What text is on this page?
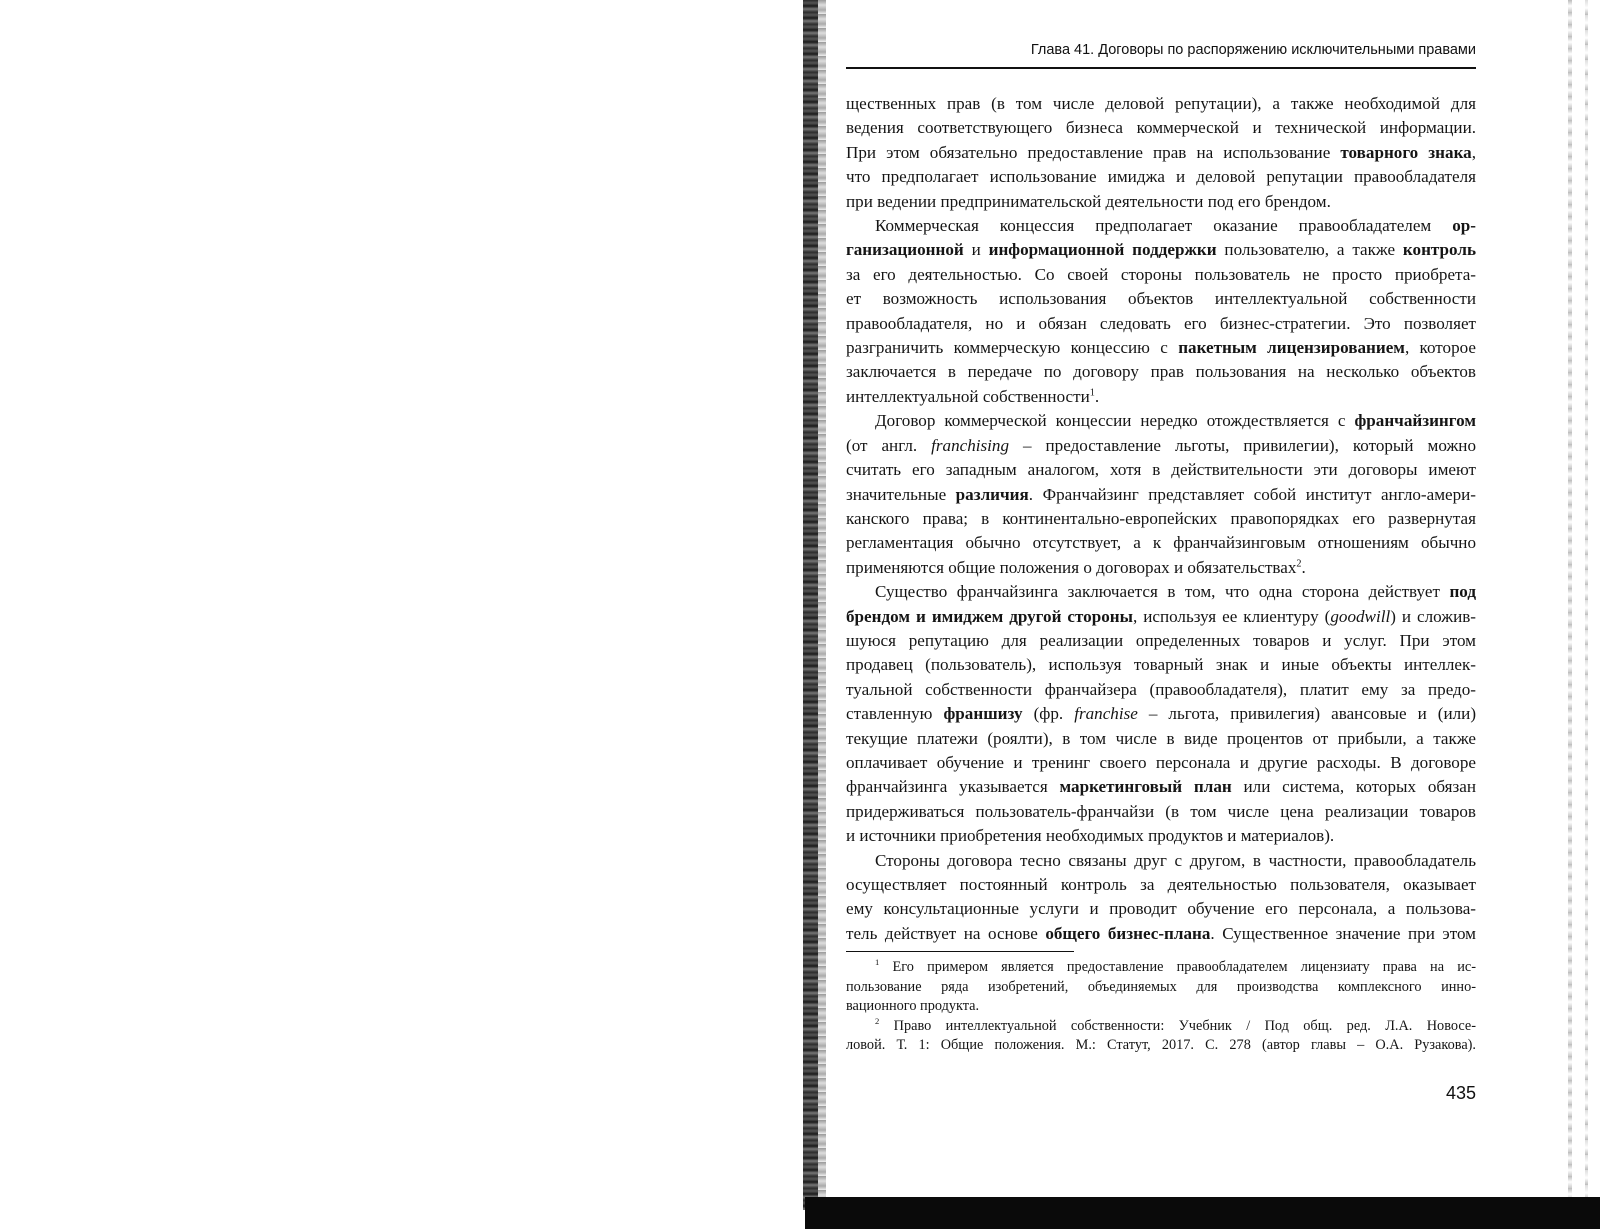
Глава 41. Договоры по распоряжению исключительными правами
щественных прав (в том числе деловой репутации), а также необходимой для
ведения соответствующего бизнеса коммерческой и технической информации.
При этом обязательно предоставление прав на использование товарного знака,
что предполагает использование имиджа и деловой репутации правообладателя
при ведении предпринимательской деятельности под его брендом.
Коммерческая концессия предполагает оказание правообладателем ор-
ганизационной и информационной поддержки пользователю, а также контроль
за его деятельностью. Со своей стороны пользователь не просто приобрета-
ет возможность использования объектов интеллектуальной собственности
правообладателя, но и обязан следовать его бизнес-стратегии. Это позволяет
разграничить коммерческую концессию с пакетным лицензированием, которое
заключается в передаче по договору прав пользования на несколько объектов
интеллектуальной собственности$^1$.
Договор коммерческой концессии нередко отождествляется с франчайзингом
(от англ. franchising – предоставление льготы, привилегии), который можно
считать его западным аналогом, хотя в действительности эти договоры имеют
значительные различия. Франчайзинг представляет собой институт англо-амери-
канского права; в континентально-европейских правопорядках его развернутая
регламентация обычно отсутствует, а к франчайзинговым отношениям обычно
применяются общие положения о договорах и обязательствах$^2$.
Существо франчайзинга заключается в том, что одна сторона действует под
брендом и имиджем другой стороны, используя ее клиентуру (goodwill) и сложив-
шуюся репутацию для реализации определенных товаров и услуг. При этом
продавец (пользователь), используя товарный знак и иные объекты интеллек-
туальной собственности франчайзера (правообладателя), платит ему за предо-
ставленную франшизу (фр. franchise – льгота, привилегия) авансовые и (или)
текущие платежи (роялти), в том числе в виде процентов от прибыли, а также
оплачивает обучение и тренинг своего персонала и другие расходы. В договоре
франчайзинга указывается маркетинговый план или система, которых обязан
придерживаться пользователь-франчайзи (в том числе цена реализации товаров
и источники приобретения необходимых продуктов и материалов).
Стороны договора тесно связаны друг с другом, в частности, правообладатель
осуществляет постоянный контроль за деятельностью пользователя, оказывает
ему консультационные услуги и проводит обучение его персонала, а пользова-
тель действует на основе общего бизнес-плана. Существенное значение при этом
$^1$ Его примером является предоставление правообладателем лицензиату права на ис-
пользование ряда изобретений, объединяемых для производства комплексного инно-
вационного продукта.
$^2$ Право интеллектуальной собственности: Учебник / Под общ. ред. Л.А. Новосе-
ловой. Т. 1: Общие положения. М.: Статут, 2017. С. 278 (автор главы – О.А. Рузакова).
435
